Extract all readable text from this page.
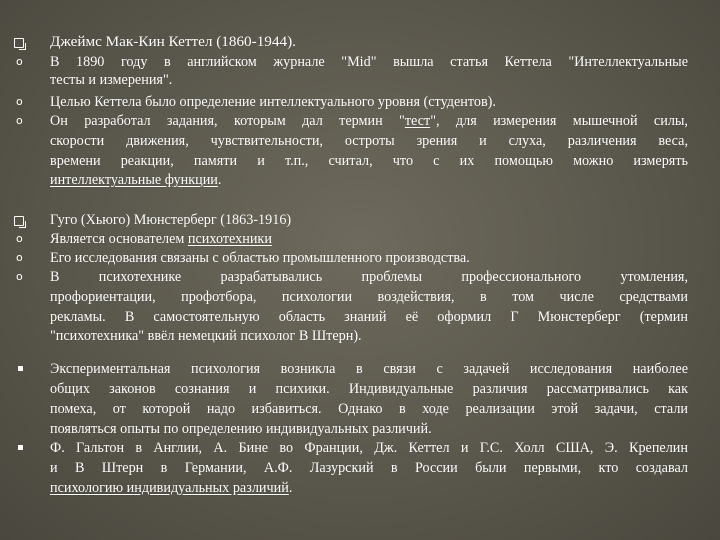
Джеймс Мак-Кин Кеттел (1860-1944).
o В 1890 году в английском журнале "Mid" вышла статья Кеттела "Интеллектуальные
тесты и измерения".
o Целью Кеттела было определение интеллектуального уровня (студентов).
o Он разработал задания, которым дал термин "тест", для измерения мышечной силы,
скорости движения, чувствительности, остроты зрения и слуха, различения веса,
времени реакции, памяти и т.п., считал, что с их помощью можно измерять
интеллектуальные функции.
Гуго (Хьюго) Мюнстерберг (1863-1916)
o Является основателем психотехники
o Его исследования связаны с областью промышленного производства.
o В психотехнике разрабатывались проблемы профессионального утомления,
профориентации, профотбора, психологии воздействия, в том числе средствами
рекламы. В самостоятельную область знаний её оформил Г Мюнстерберг (термин
"психотехника" ввёл немецкий психолог В Штерн).
Экспериментальная психология возникла в связи с задачей исследования наиболее
общих законов сознания и психики. Индивидуальные различия рассматривались как
помеха, от которой надо избавиться. Однако в ходе реализации этой задачи, стали
появляться опыты по определению индивидуальных различий.
Ф. Гальтон в Англии, А. Бине во Франции, Дж. Кеттел и Г.С. Холл США, Э. Крепелин
и В Штерн в Германии, А.Ф. Лазурский в России были первыми, кто создавал
психологию индивидуальных различий.
